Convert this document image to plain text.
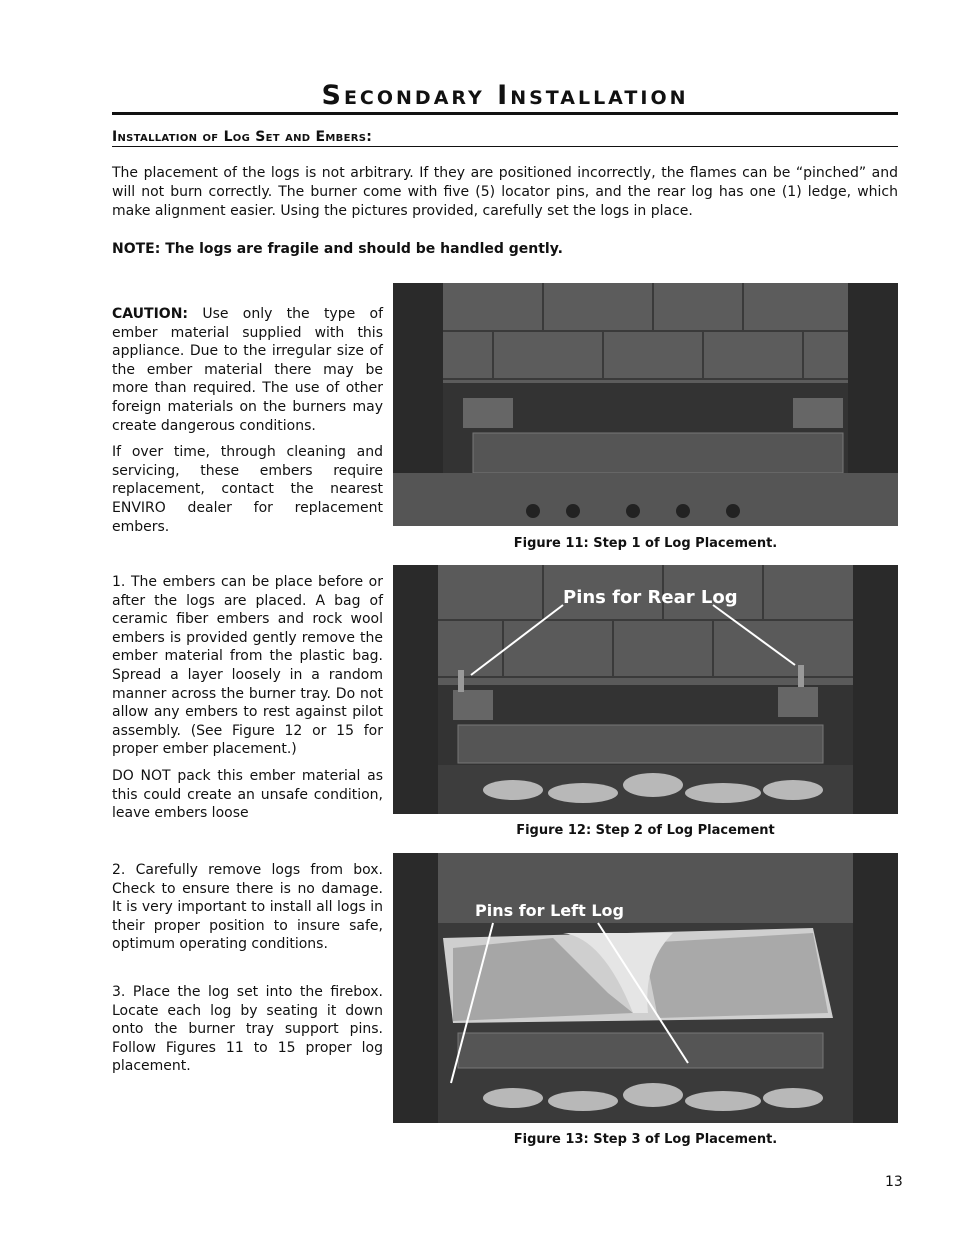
Secondary Installation
Installation of Log Set and Embers:
The placement of the logs is not arbitrary. If they are positioned incorrectly, the flames can be “pinched” and will not burn correctly. The burner come with five (5) locator pins, and the rear log has one (1) ledge, which make alignment easier. Using the pictures provided, carefully set the logs in place.
NOTE: The logs are fragile and should be handled gently.

CAUTION: Use only the type of ember material supplied with this appliance. Due to the irregular size of the ember material there may be more than required. The use of other foreign materials on the burners may create dangerous conditions.

If over time, through cleaning and servicing, these embers require replacement, contact the nearest ENVIRO dealer for replacement embers.

1. The embers can be place before or after the logs are placed. A bag of ceramic fiber embers and rock wool embers is provided gently remove the ember material from the plastic bag. Spread a layer loosely in a random manner across the burner tray. Do not allow any embers to rest against pilot assembly. (See Figure 12 or 15 for proper ember placement.)

DO NOT pack this ember material as this could create an unsafe condition, leave embers loose

2. Carefully remove logs from box. Check to ensure there is no damage. It is very important to install all logs in their proper position to insure safe, optimum operating conditions.
3. Place the log set into the firebox. Locate each log by seating it down onto the burner tray support pins. Follow Figures 11 to 15 proper log placement.
Figure 11: Step 1 of Log Placement.
Pins for Rear Log
Figure 12: Step 2 of Log Placement
Pins for Left Log
Figure 13: Step 3 of Log Placement.
13
